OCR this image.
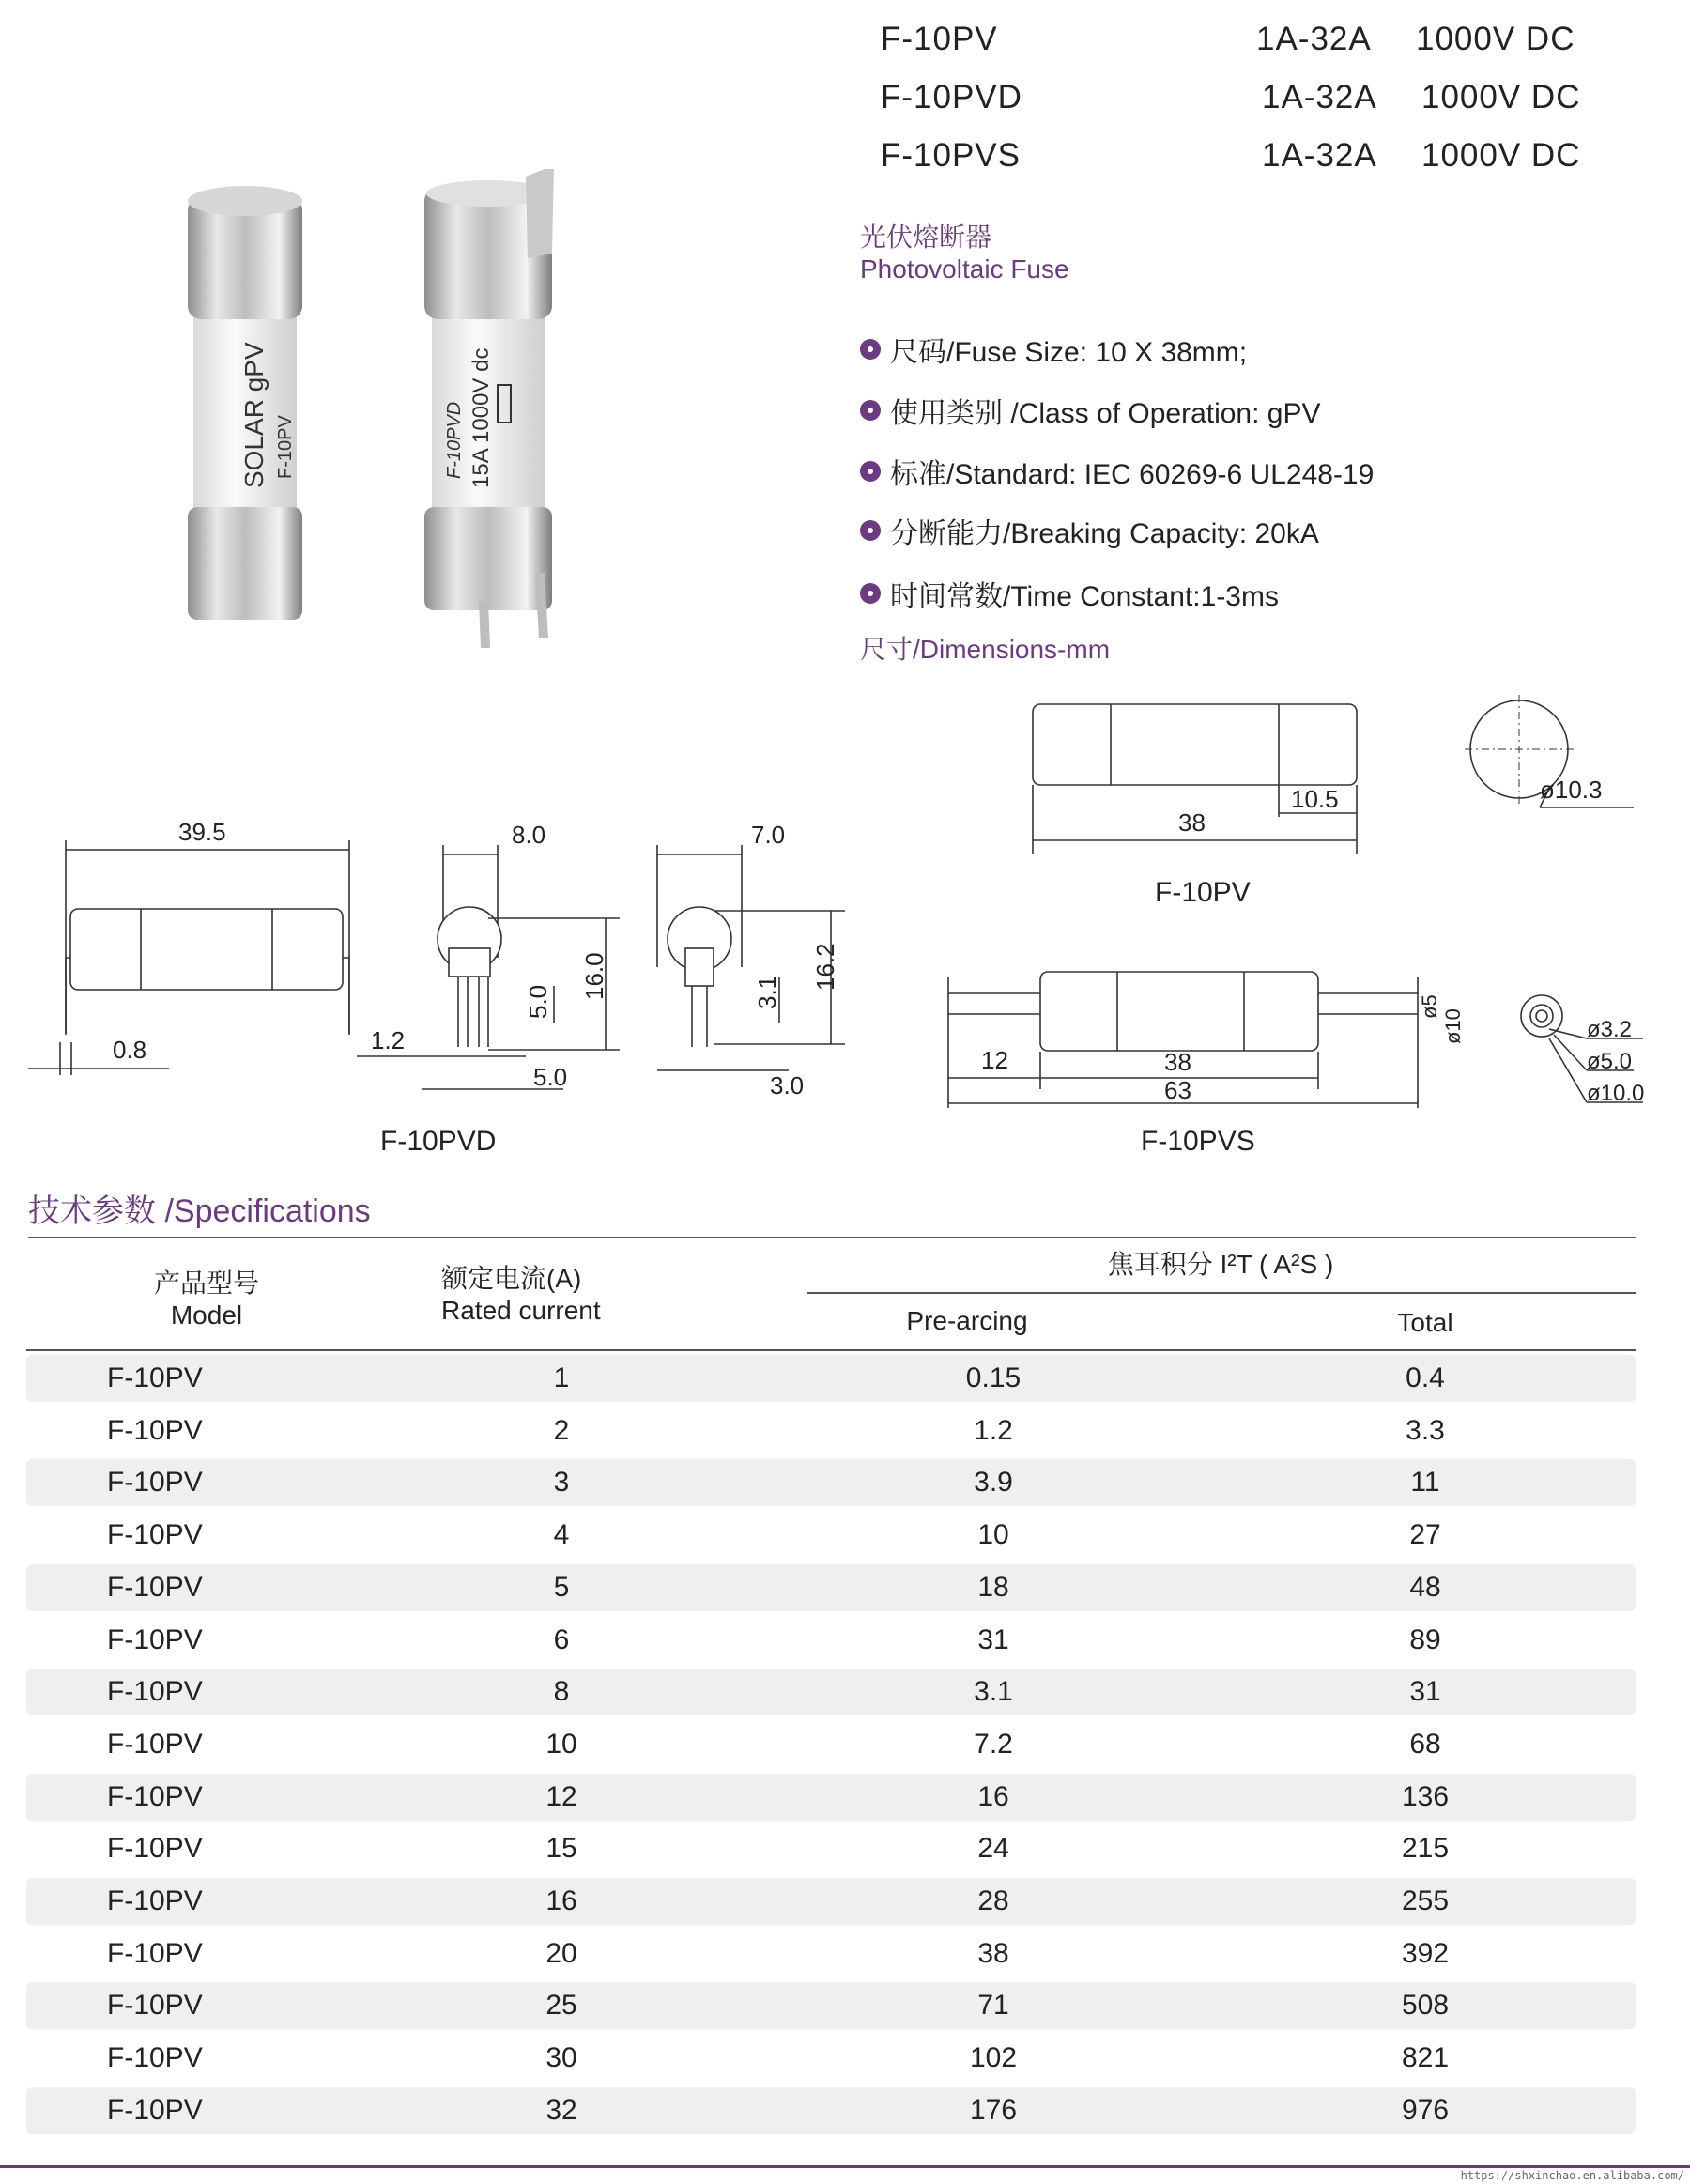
F-10PV	1A-32A 1000V DC
F-10PVD	1A-32A 1000V DC
F-10PVS	1A-32A 1000V DC
SOLAR gPV F-10PV	F-10PVD 15A 1000V dc
光伏熔断器
Photovoltaic Fuse
尺码/Fuse Size: 10 X 38mm;
使用类别 /Class of Operation: gPV
标准/Standard: IEC 60269-6 UL248-19
分断能力/Breaking Capacity: 20kA
时间常数/Time Constant:1-3ms
尺寸/Dimensions-mm
38
10.5	ø10.3
F-10PV
39.5
0.8	1.2
8.0
16.0
5.0
5.0
F-10PVD
7.0
16.2
3.1
3.0
12	38
63
ø5
ø10	ø3.2
ø5.0
ø10.0
F-10PVS
技术参数 /Specifications
产品型号
Model
额定电流(A)
Rated current
焦耳积分 I²T ( A²S )
Pre-arcing	Total
F-10PV	1	0.15	0.4
F-10PV	2	1.2	3.3
F-10PV	3	3.9	11
F-10PV	4	10	27
F-10PV	5	18	48
F-10PV	6	31	89
F-10PV	8	3.1	31
F-10PV	10	7.2	68
F-10PV	12	16	136
F-10PV	15	24	215
F-10PV	16	28	255
F-10PV	20	38	392
F-10PV	25	71	508
F-10PV	30	102	821
F-10PV	32	176	976
https://shxinchao.en.alibaba.com/
